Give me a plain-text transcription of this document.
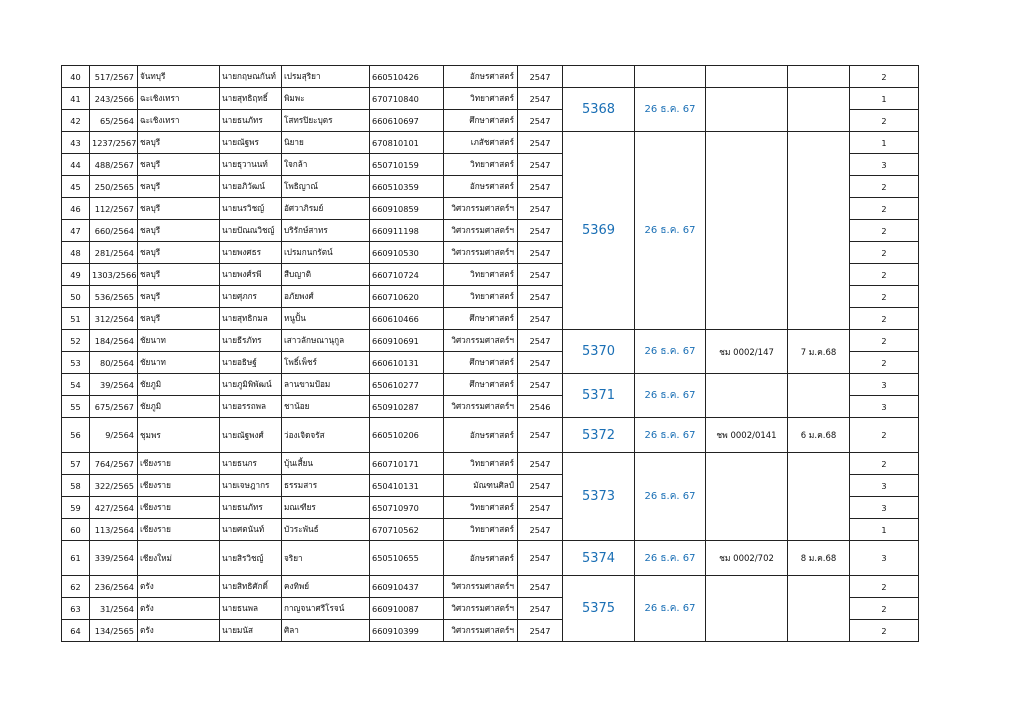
40	517/2567	จันทบุรี	นายกฤษณกันท์	เปรมสุริยา	660510426	อักษรศาสตร์	2547					2
41	243/2566	ฉะเชิงเทรา	นายสุทธิฤทธิ์	พิมพะ	670710840	วิทยาศาสตร์	2547	5368	26 ธ.ค. 67			1
42	65/2564	ฉะเชิงเทรา	นายธนภัทร	โสทรปิยะบุตร	660610697	ศึกษาศาสตร์	2547					2
43	1237/2567	ชลบุรี	นายณัฐพร	นิยาย	670810101	เภสัชศาสตร์	2547	5369	26 ธ.ค. 67			1
44	488/2567	ชลบุรี	นายธุวานนท์	ใจกล้า	650710159	วิทยาศาสตร์	2547					3
45	250/2565	ชลบุรี	นายอภิวัฒน์	โพธิญาณ์	660510359	อักษรศาสตร์	2547					2
46	112/2567	ชลบุรี	นายนรวิชญ์	อัศวาภิรมย์	660910859	วิศวกรรมศาสตร์ฯ	2547					2
47	660/2564	ชลบุรี	นายปัณณวิชญ์	บริรักษ์สาทร	660911198	วิศวกรรมศาสตร์ฯ	2547					2
48	281/2564	ชลบุรี	นายพงศธร	เปรมกนกรัตน์	660910530	วิศวกรรมศาสตร์ฯ	2547					2
49	1303/2566	ชลบุรี	นายพงศ์รพี	สืบญาติ	660710724	วิทยาศาสตร์	2547					2
50	536/2565	ชลบุรี	นายศุภกร	อภัยพงศ์	660710620	วิทยาศาสตร์	2547					2
51	312/2564	ชลบุรี	นายสุทธิกมล	หนูปั้น	660610466	ศึกษาศาสตร์	2547					2
52	184/2564	ชัยนาท	นายธีรภัทร	เสาวลักษณานุกูล	660910691	วิศวกรรมศาสตร์ฯ	2547	5370	26 ธ.ค. 67	ชม 0002/147	7 ม.ค.68	2
53	80/2564	ชัยนาท	นายอธิษฐ์	โพธิ์เพ็ชร์	660610131	ศึกษาศาสตร์	2547					2
54	39/2564	ชัยภูมิ	นายภูมิพิพัฒน์	ลานขามป้อม	650610277	ศึกษาศาสตร์	2547	5371	26 ธ.ค. 67			3
55	675/2567	ชัยภูมิ	นายอรรถพล	ชาน้อย	650910287	วิศวกรรมศาสตร์ฯ	2546					3
56	9/2564	ชุมพร	นายณัฐพงศ์	ว่องเจิดจรัส	660510206	อักษรศาสตร์	2547	5372	26 ธ.ค. 67	ชพ 0002/0141	6 ม.ค.68	2
57	764/2567	เชียงราย	นายธนกร	บุ้นเสี้ยน	660710171	วิทยาศาสตร์	2547	5373	26 ธ.ค. 67			2
58	322/2565	เชียงราย	นายเจษฎากร	ธรรมสาร	650410131	มัณฑนศิลป์	2547					3
59	427/2564	เชียงราย	นายธนภัทร	มณเฑียร	650710970	วิทยาศาสตร์	2547					3
60	113/2564	เชียงราย	นายศตนันท์	บัวระพันธ์	670710562	วิทยาศาสตร์	2547					1
61	339/2564	เชียงใหม่	นายสิรวิชญ์	จริยา	650510655	อักษรศาสตร์	2547	5374	26 ธ.ค. 67	ชม 0002/702	8 ม.ค.68	3
62	236/2564	ตรัง	นายสิทธิศักดิ์	คงทิพย์	660910437	วิศวกรรมศาสตร์ฯ	2547	5375	26 ธ.ค. 67			2
63	31/2564	ตรัง	นายธนพล	กาญจนาศรีโรจน์	660910087	วิศวกรรมศาสตร์ฯ	2547					2
64	134/2565	ตรัง	นายมนัส	ศิลา	660910399	วิศวกรรมศาสตร์ฯ	2547					2
